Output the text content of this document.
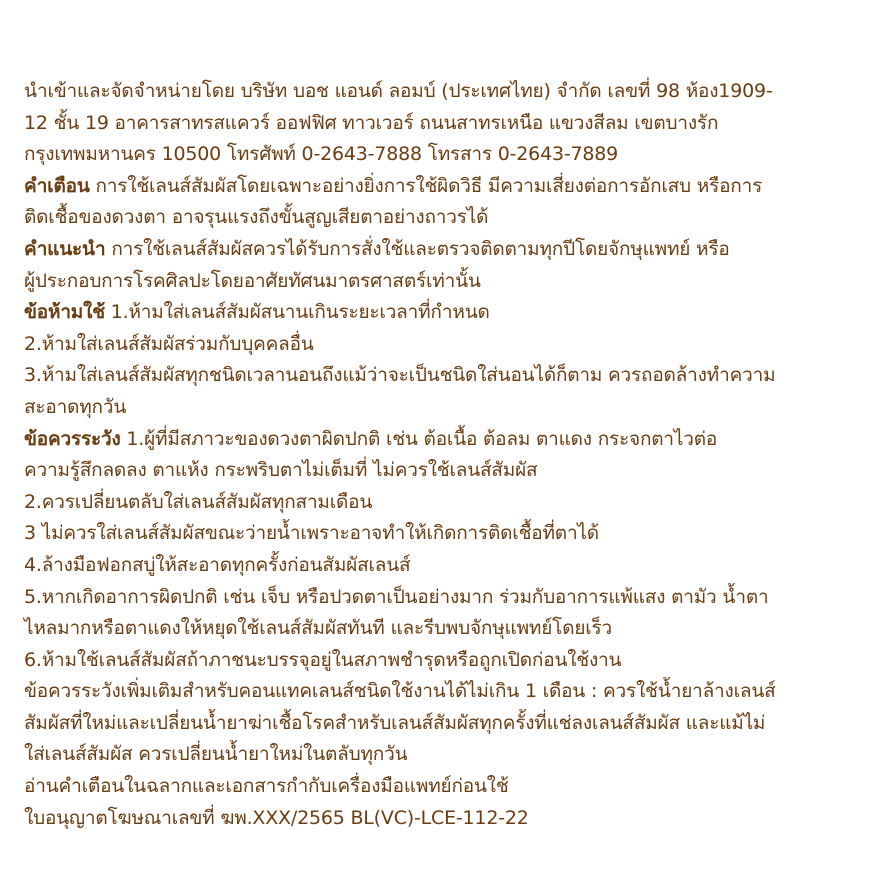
นำเข้าและจัดจำหน่ายโดย บริษัท บอช แอนด์ ลอมบ์ (ประเทศไทย) จำกัด เลขที่ 98 ห้อง1909-
12 ชั้น 19 อาคารสาทรสแควร์ ออฟฟิศ ทาวเวอร์ ถนนสาทรเหนือ แขวงสีลม เขตบางรัก
กรุงเทพมหานคร 10500 โทรศัพท์ 0-2643-7888 โทรสาร 0-2643-7889
คำเตือน การใช้เลนส์สัมผัสโดยเฉพาะอย่างยิ่งการใช้ผิดวิธี มีความเสี่ยงต่อการอักเสบ หรือการ
ติดเชื้อของดวงตา อาจรุนแรงถึงขั้นสูญเสียตาอย่างถาวรได้
คำแนะนำ การใช้เลนส์สัมผัสควรได้รับการสั่งใช้และตรวจติดตามทุกปีโดยจักษุแพทย์ หรือ
ผู้ประกอบการโรคศิลปะโดยอาศัยทัศนมาตรศาสตร์เท่านั้น
ข้อห้ามใช้ 1.ห้ามใส่เลนส์สัมผัสนานเกินระยะเวลาที่กำหนด
2.ห้ามใส่เลนส์สัมผัสร่วมกับบุคคลอื่น
3.ห้ามใส่เลนส์สัมผัสทุกชนิดเวลานอนถึงแม้ว่าจะเป็นชนิดใส่นอนได้ก็ตาม ควรถอดล้างทำความ
สะอาดทุกวัน
ข้อควรระวัง 1.ผู้ที่มีสภาวะของดวงตาผิดปกติ เช่น ต้อเนื้อ ต้อลม ตาแดง กระจกตาไวต่อ
ความรู้สึกลดลง ตาแห้ง กระพริบตาไม่เต็มที่ ไม่ควรใช้เลนส์สัมผัส
2.ควรเปลี่ยนตลับใส่เลนส์สัมผัสทุกสามเดือน
3 ไม่ควรใส่เลนส์สัมผัสขณะว่ายน้ำเพราะอาจทำให้เกิดการติดเชื้อที่ตาได้
4.ล้างมือฟอกสบู่ให้สะอาดทุกครั้งก่อนสัมผัสเลนส์
5.หากเกิดอาการผิดปกติ เช่น เจ็บ หรือปวดตาเป็นอย่างมาก ร่วมกับอาการแพ้แสง ตามัว น้ำตา
ไหลมากหรือตาแดงให้หยุดใช้เลนส์สัมผัสทันที และรีบพบจักษุแพทย์โดยเร็ว
6.ห้ามใช้เลนส์สัมผัสถ้าภาชนะบรรจุอยู่ในสภาพชำรุดหรือถูกเปิดก่อนใช้งาน
ข้อควรระวังเพิ่มเติมสำหรับคอนแทคเลนส์ชนิดใช้งานได้ไม่เกิน 1 เดือน : ควรใช้น้ำยาล้างเลนส์
สัมผัสที่ใหม่และเปลี่ยนน้ำยาฆ่าเชื้อโรคสำหรับเลนส์สัมผัสทุกครั้งที่แช่ลงเลนส์สัมผัส และแม้ไม่
ใส่เลนส์สัมผัส ควรเปลี่ยนน้ำยาใหม่ในตลับทุกวัน
อ่านคำเตือนในฉลากและเอกสารกำกับเครื่องมือแพทย์ก่อนใช้
ใบอนุญาตโฆษณาเลขที่ ฆพ.XXX/2565 BL(VC)-LCE-112-22
